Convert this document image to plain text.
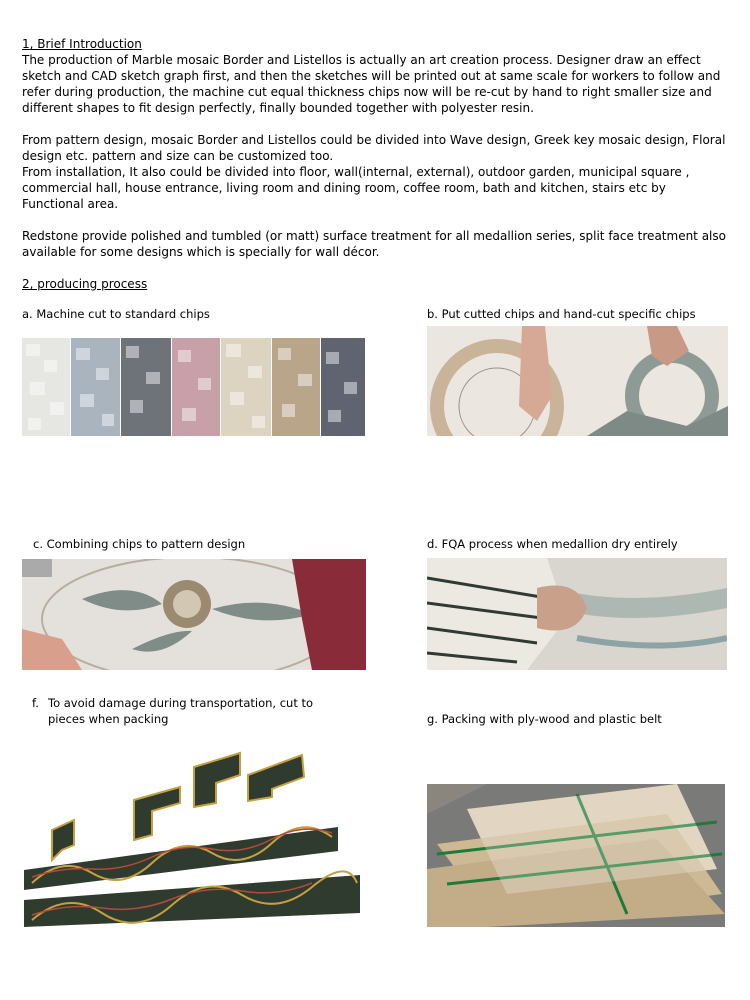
1, Brief Introduction
The production of Marble mosaic Border and Listellos is actually an art creation process. Designer draw an effect sketch and CAD sketch graph first, and then the sketches will be printed out at same scale for workers to follow and refer during production, the machine cut equal thickness chips now will be re-cut by hand to right smaller size and different shapes to fit design perfectly, finally bounded together with polyester resin.
From pattern design, mosaic Border and Listellos could be divided into Wave design, Greek key mosaic design, Floral design etc. pattern and size can be customized too.
From installation, It also could be divided into floor, wall(internal, external), outdoor garden, municipal square , commercial hall, house entrance, living room and dining room, coffee room, bath and kitchen, stairs etc by Functional area.
Redstone provide polished and tumbled (or matt) surface treatment for all medallion series, split face treatment also available for some designs which is specially for wall décor.
2, producing process
a. Machine cut to standard chips	b. Put cutted chips and hand-cut specific chips
c. Combining chips to pattern design	d. FQA process when medallion dry entirely
f. To avoid damage during transportation, cut to
pieces when packing	g. Packing with ply-wood and plastic belt
